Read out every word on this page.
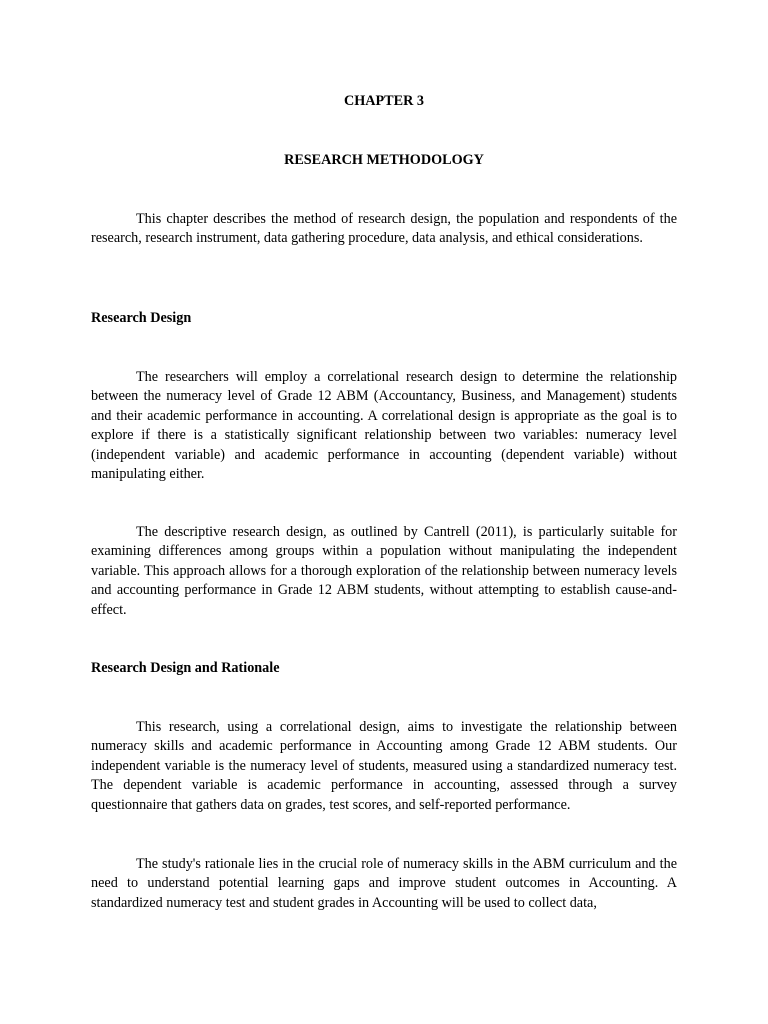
CHAPTER 3

RESEARCH METHODOLOGY

This chapter describes the method of research design, the population and respondents of the research, research instrument, data gathering procedure, data analysis, and ethical considerations.

Research Design

The researchers will employ a correlational research design to determine the relationship between the numeracy level of Grade 12 ABM (Accountancy, Business, and Management) students and their academic performance in accounting. A correlational design is appropriate as the goal is to explore if there is a statistically significant relationship between two variables: numeracy level (independent variable) and academic performance in accounting (dependent variable) without manipulating either.

The descriptive research design, as outlined by Cantrell (2011), is particularly suitable for examining differences among groups within a population without manipulating the independent variable. This approach allows for a thorough exploration of the relationship between numeracy levels and accounting performance in Grade 12 ABM students, without attempting to establish cause-and-effect.

Research Design and Rationale

This research, using a correlational design, aims to investigate the relationship between numeracy skills and academic performance in Accounting among Grade 12 ABM students. Our independent variable is the numeracy level of students, measured using a standardized numeracy test. The dependent variable is academic performance in accounting, assessed through a survey questionnaire that gathers data on grades, test scores, and self-reported performance.

The study's rationale lies in the crucial role of numeracy skills in the ABM curriculum and the need to understand potential learning gaps and improve student outcomes in Accounting. A standardized numeracy test and student grades in Accounting will be used to collect data,
